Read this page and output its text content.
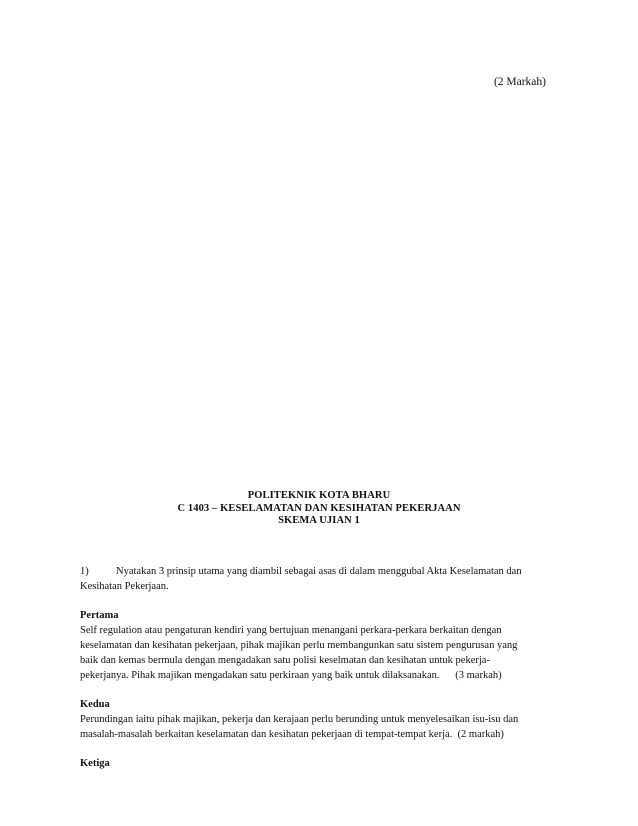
(2 Markah)
POLITEKNIK KOTA BHARU
C 1403 – KESELAMATAN DAN KESIHATAN PEKERJAAN
SKEMA UJIAN 1

1)	Nyatakan 3 prinsip utama yang diambil sebagai asas di dalam menggubal Akta Keselamatan dan
Kesihatan Pekerjaan.

Pertama

Self regulation atau pengaturan kendiri yang bertujuan menangani perkara-perkara berkaitan dengan
keselamatan dan kesihatan pekerjaan, pihak majikan perlu membangunkan satu sistem pengurusan yang
baik dan kemas bermula dengan mengadakan satu polisi keselmatan dan kesihatan untuk pekerja-
pekerjanya. Pihak majikan mengadakan satu perkiraan yang baik untuk dilaksanakan.      (3 markah)

Kedua

Perundingan iaitu pihak majikan, pekerja dan kerajaan perlu berunding untuk menyelesaikan isu-isu dan
masalah-masalah berkaitan keselamatan dan kesihatan pekerjaan di tempat-tempat kerja.  (2 markah)

Ketiga
